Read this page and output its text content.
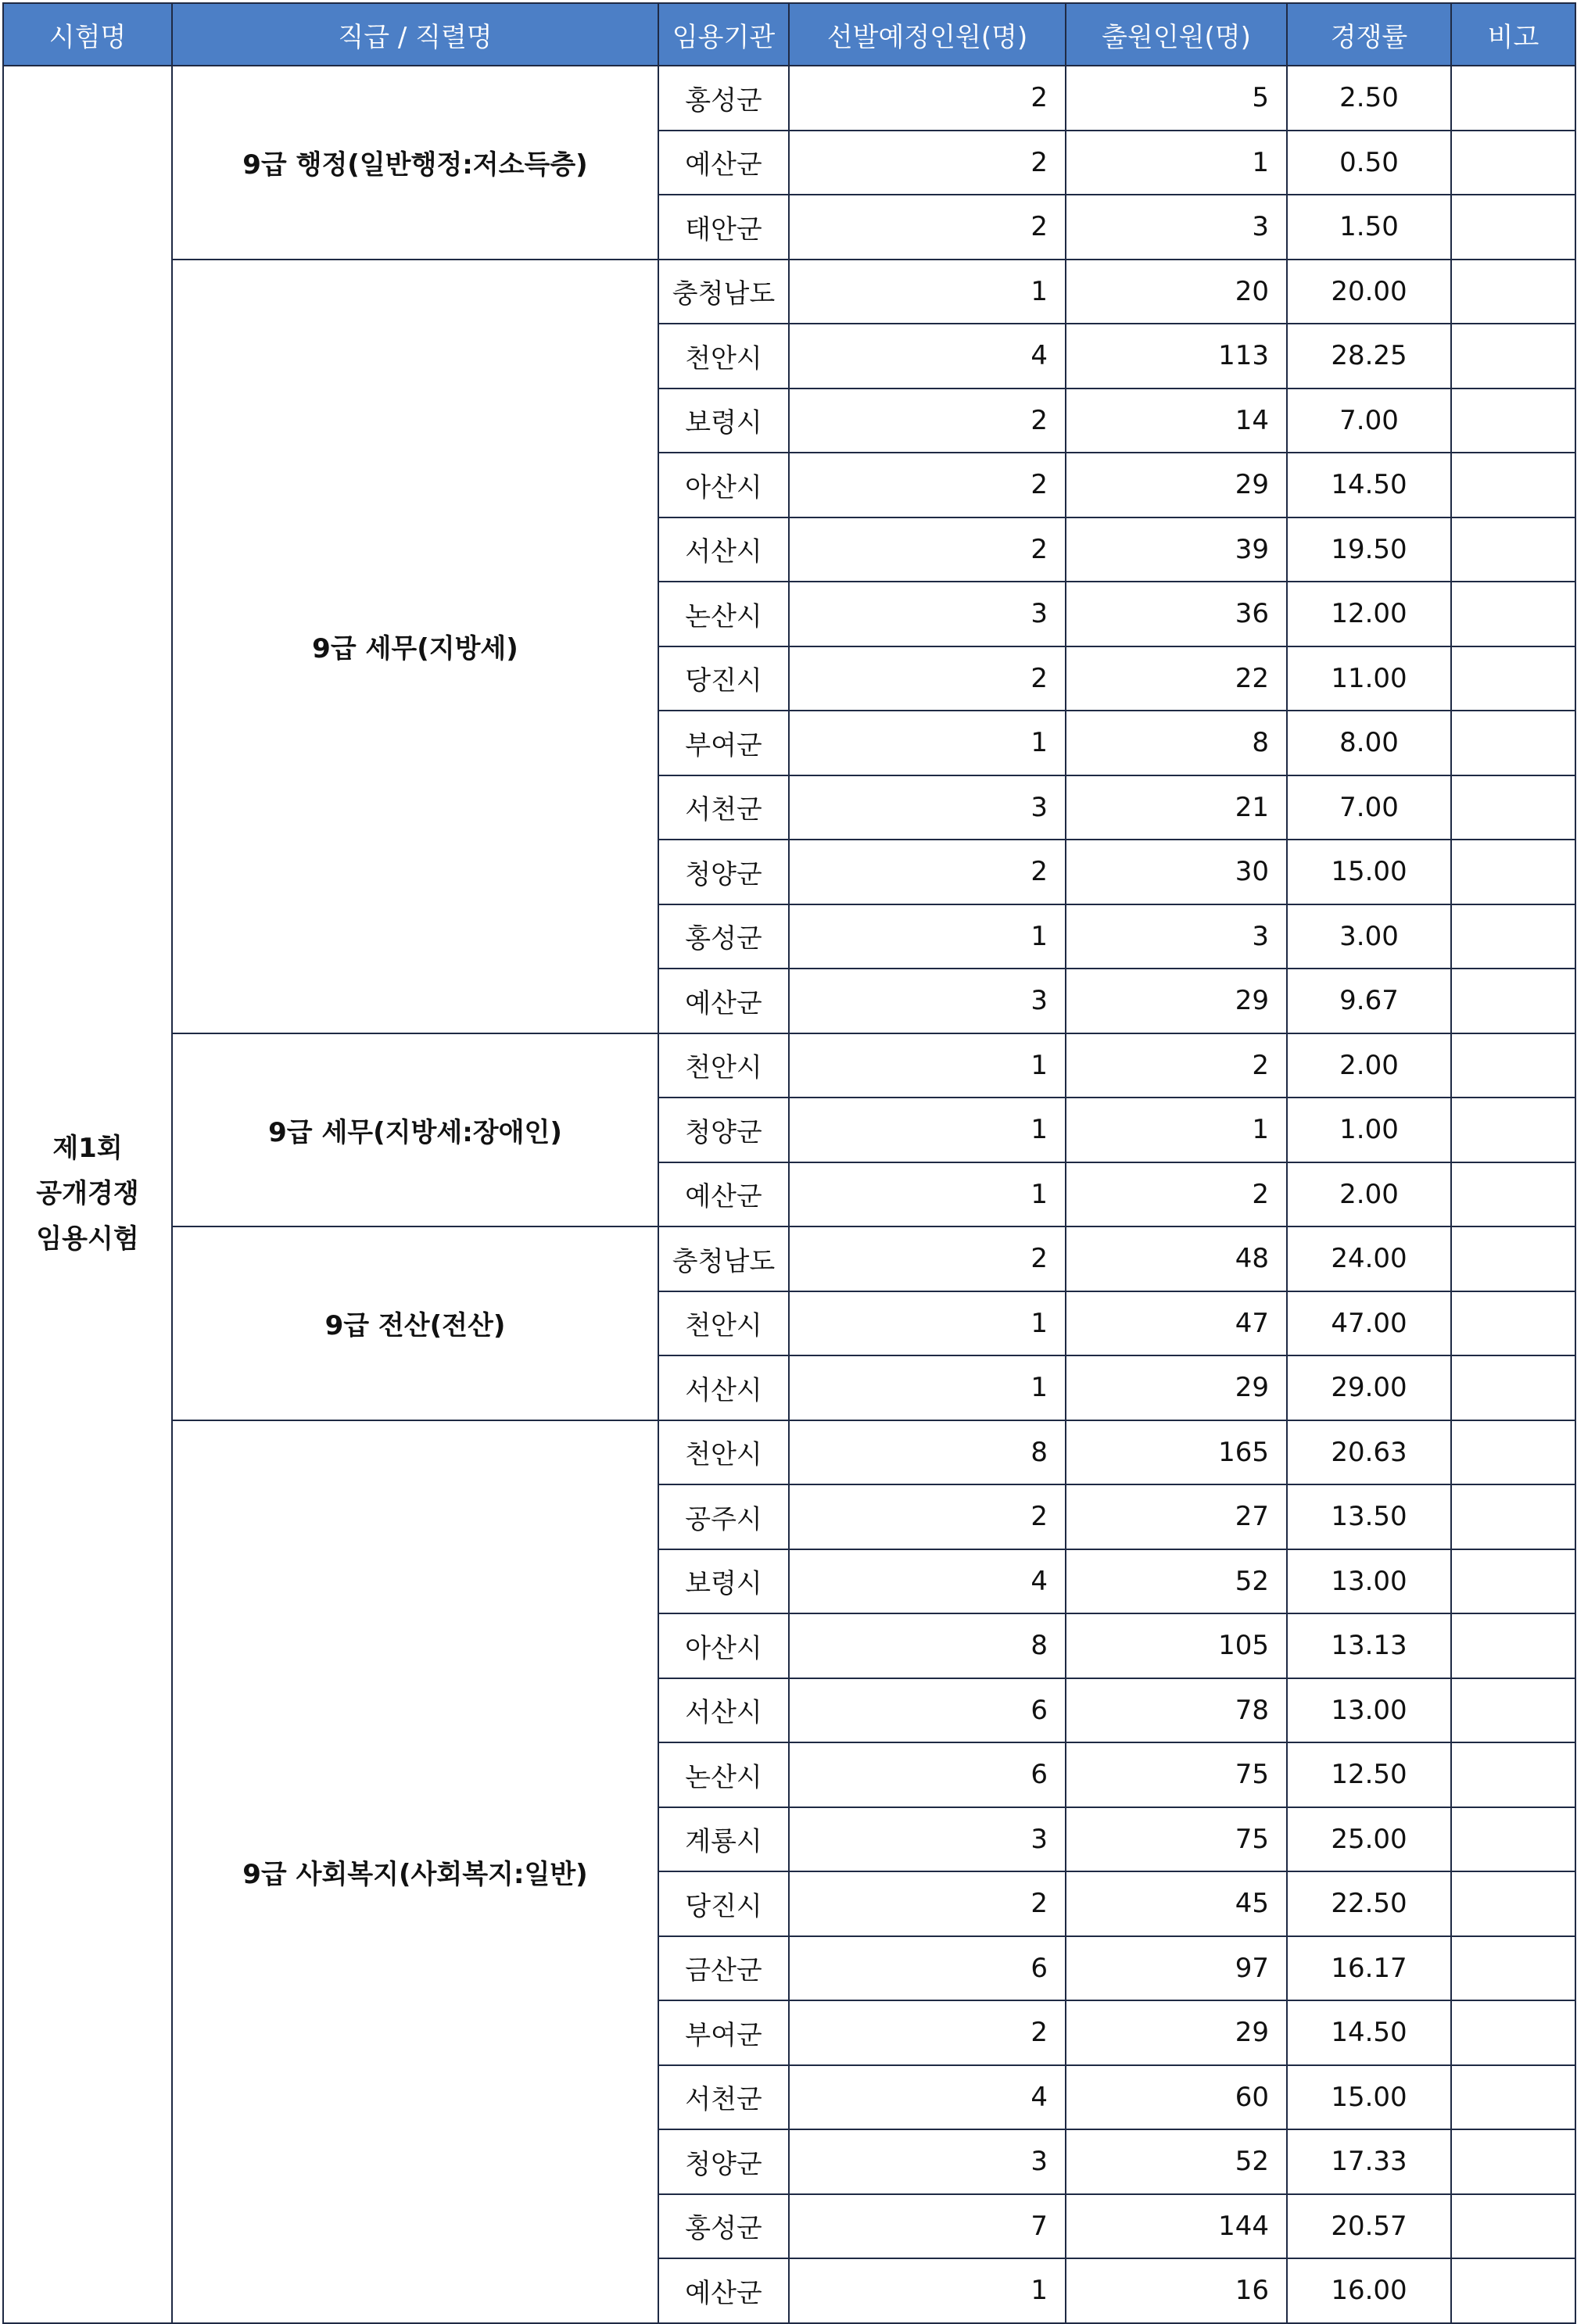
시험명	직급 / 직렬명	임용기관	선발예정인원(명)	출원인원(명)	경쟁률	비고

제1회
공개경쟁
임용시험	9급 행정(일반행정:저소득층)	홍성군	2	5	2.50	
		예산군	2	1	0.50	
		태안군	2	3	1.50	
	9급 세무(지방세)	충청남도	1	20	20.00	
		천안시	4	113	28.25	
		보령시	2	14	7.00	
		아산시	2	29	14.50	
		서산시	2	39	19.50	
		논산시	3	36	12.00	
		당진시	2	22	11.00	
		부여군	1	8	8.00	
		서천군	3	21	7.00	
		청양군	2	30	15.00	
		홍성군	1	3	3.00	
		예산군	3	29	9.67	
	9급 세무(지방세:장애인)	천안시	1	2	2.00	
		청양군	1	1	1.00	
		예산군	1	2	2.00	
	9급 전산(전산)	충청남도	2	48	24.00	
		천안시	1	47	47.00	
		서산시	1	29	29.00	
	9급 사회복지(사회복지:일반)	천안시	8	165	20.63	
		공주시	2	27	13.50	
		보령시	4	52	13.00	
		아산시	8	105	13.13	
		서산시	6	78	13.00	
		논산시	6	75	12.50	
		계룡시	3	75	25.00	
		당진시	2	45	22.50	
		금산군	6	97	16.17	
		부여군	2	29	14.50	
		서천군	4	60	15.00	
		청양군	3	52	17.33	
		홍성군	7	144	20.57	
		예산군	1	16	16.00	
